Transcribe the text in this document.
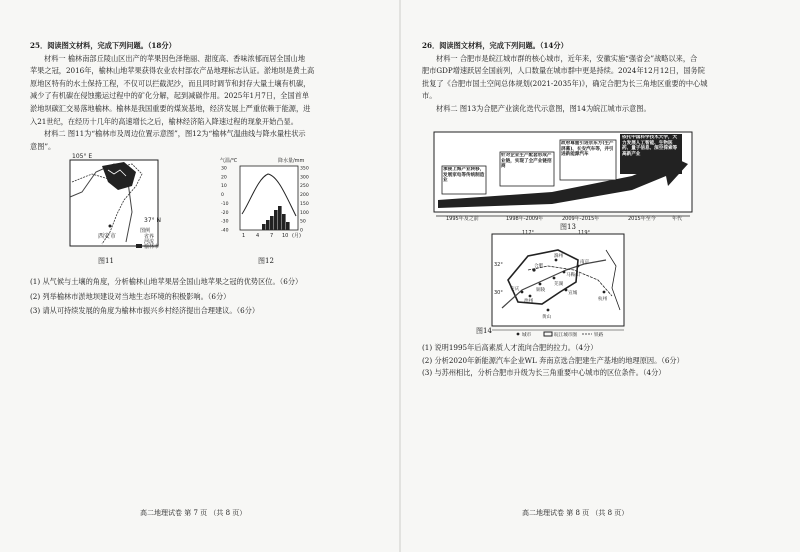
25．阅读图文材料，完成下列问题。（18分）

材料一 榆林南部丘陵山区出产的苹果因色泽艳丽、甜度高、香味浓郁而居全国山地

苹果之冠，2016年，榆林山地苹果获得农业农村部农产品地理标志认证。淤地坝是黄土高

原地区特有的水土保持工程，不仅可以拦截泥沙，而且同时调节和封存大量土壤有机碳，

减少了有机碳在侵蚀搬运过程中的矿化分解，起到减碳作用。2025年1月7日，全国首单

淤地坝碳汇交易落地榆林。榆林是我国重要的煤炭基地，经济发展上严重依赖于能源，进

入21世纪，在经历十几年的高速增长之后，榆林经济陷入降速过程的现象开始凸显。

材料二 图11为“榆林市及周边位置示意图”，图12为“榆林气温曲线与降水量柱状示

意图”。

105° E
37° N
西安市
图例
省界
河流
榆林市
图11
气温/℃	降水量/mm
30
20
10
0
-10
-20
-30
-40
350
300
250
200
150
100
50
0
1 4 7 10 (月)
图12

(1) 从气候与土壤的角度，分析榆林山地苹果居全国山地苹果之冠的优势区位。（6分）

(2) 列举榆林市淤地坝建设对当地生态环境的积极影响。（6分）

(3) 请从可持续发展的角度为榆林市振兴乡村经济提出合理建议。（6分）

高二地理试卷 第 7 页 （共 8 页）

26．阅读图文材料，完成下列问题。（14分）

材料一 合肥市是皖江城市群的核心城市，近年来，安徽实施“强省会”战略以来，合

肥市GDP增速跃居全国前列，人口数量在城市群中更是持续。2024年12月12日，国务院

批复了《合肥市国土空间总体规划(2021-2035年)》，确定合肥为长三角地区重要的中心城

市。

材料二 图13为合肥产业演化迭代示意图，图14为皖江城市示意图。

承接上海产业转移，发展家电等传统制造业
针对企业生产配套形成产业链，实现了全产业链招商
政府尊重引进京东方(生产屏幕)、长安汽车等，并引进新能源汽车
依托中国科学技术大学，大力发展人工智能、生物医药、量子信息、深空探索等高新产业
1995年及之前	1998年-2009年	2009年-2015年	2015年至今	年代
图13
117°	119°
32°
30°
合肥
安庆
池州
铜陵
芜湖
马鞍山
滁州
宣城
南京
杭州
黄山
城市	皖江城市圈	铁路
图14

(1) 说明1995年后高素质人才流向合肥的拉力。（4分）

(2) 分析2020年新能源汽车企业WL 奔南京选合肥建生产基地的地理原因。（6分）

(3) 与苏州相比，分析合肥市升级为长三角重要中心城市的区位条件。（4分）

高二地理试卷 第 8 页 （共 8 页）
